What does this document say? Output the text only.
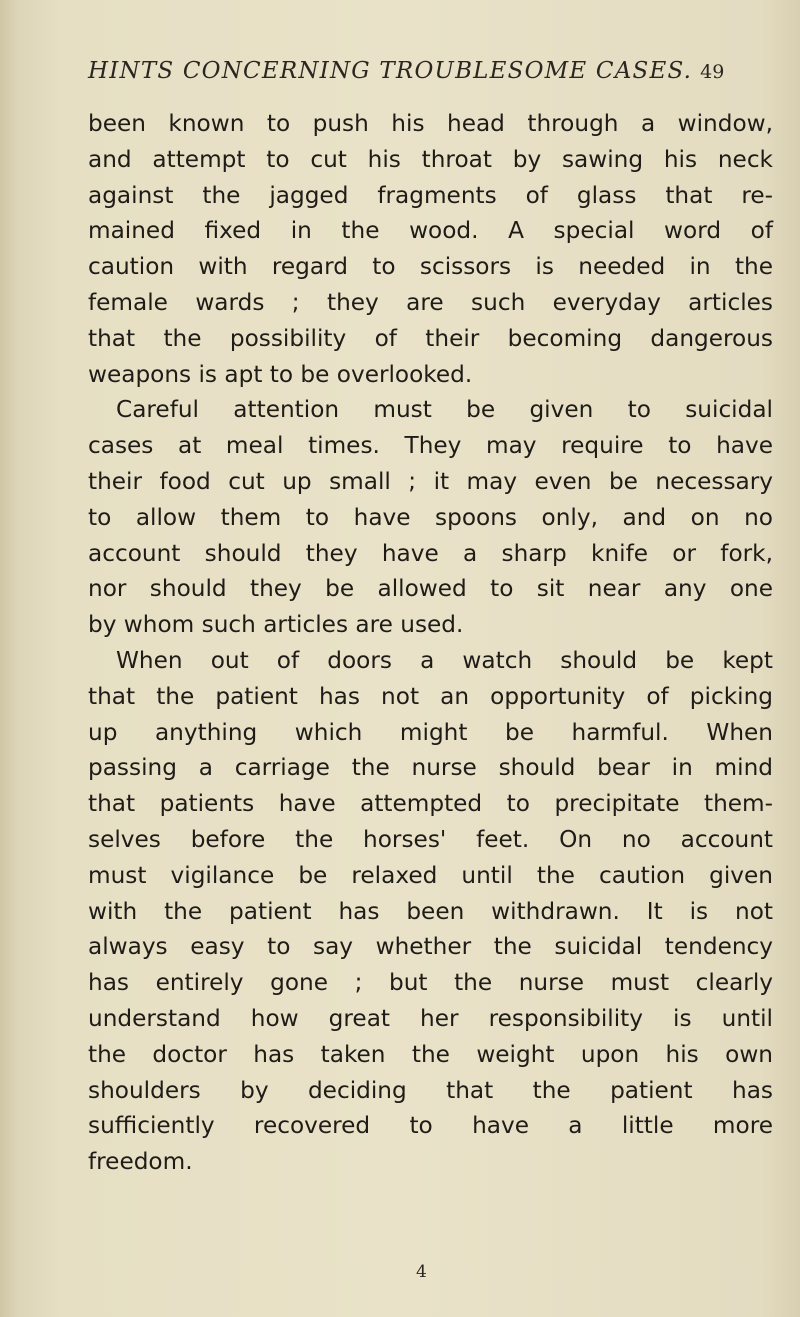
HINTS CONCERNING TROUBLESOME CASES. 49
been known to push his head through a window,
and attempt to cut his throat by sawing his neck
against the jagged fragments of glass that re-
mained fixed in the wood. A special word of
caution with regard to scissors is needed in the
female wards ; they are such everyday articles
that the possibility of their becoming dangerous
weapons is apt to be overlooked.
Careful attention must be given to suicidal
cases at meal times. They may require to have
their food cut up small ; it may even be necessary
to allow them to have spoons only, and on no
account should they have a sharp knife or fork,
nor should they be allowed to sit near any one
by whom such articles are used.
When out of doors a watch should be kept
that the patient has not an opportunity of picking
up anything which might be harmful. When
passing a carriage the nurse should bear in mind
that patients have attempted to precipitate them-
selves before the horses' feet. On no account
must vigilance be relaxed until the caution given
with the patient has been withdrawn. It is not
always easy to say whether the suicidal tendency
has entirely gone ; but the nurse must clearly
understand how great her responsibility is until
the doctor has taken the weight upon his own
shoulders by deciding that the patient has
sufficiently recovered to have a little more
freedom.
4
